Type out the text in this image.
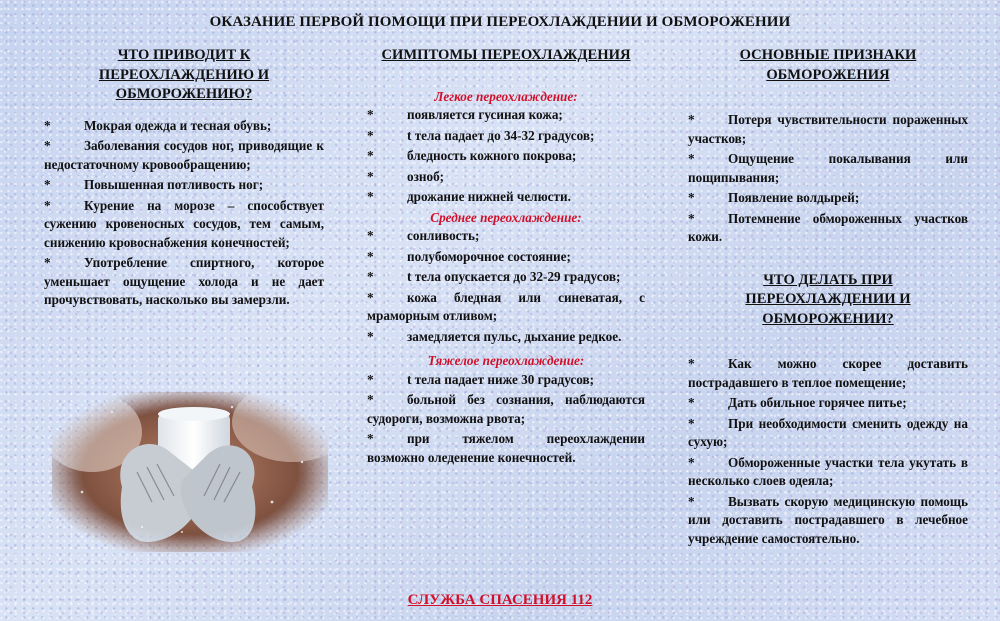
ОКАЗАНИЕ ПЕРВОЙ ПОМОЩИ ПРИ ПЕРЕОХЛАЖДЕНИИ И ОБМОРОЖЕНИИ
ЧТО ПРИВОДИТ К ПЕРЕОХЛАЖДЕНИЮ И ОБМОРОЖЕНИЮ?
*	Мокрая одежда и тесная обувь;
*	Заболевания сосудов ног, приводящие к недостаточному кровообращению;
*	Повышенная потливость ног;
*	Курение на морозе – способствует сужению кровеносных сосудов, тем самым, снижению кровоснабжения конечностей;
*	Употребление спиртного, которое уменьшает ощущение холода и не дает прочувствовать, насколько вы замерзли.
СИМПТОМЫ ПЕРЕОХЛАЖДЕНИЯ

Легкое переохлаждение:

*	появляется гусиная кожа;
*	t тела падает до 34-32 градусов;
*	бледность кожного покрова;
*	озноб;
*	дрожание нижней челюсти.

Среднее переохлаждение:

*	сонливость;
*	полубоморочное состояние;
*	t тела опускается до 32-29 градусов;
*	кожа бледная или синеватая, с мраморным отливом;
*	замедляется пульс, дыхание редкое.

Тяжелое переохлаждение:

*	t тела падает ниже 30 градусов;
*	больной без сознания, наблюдаются судороги, возможна рвота;
*	при тяжелом переохлаждении возможно оледенение конечностей.
ОСНОВНЫЕ ПРИЗНАКИ ОБМОРОЖЕНИЯ
*	Потеря чувствительности пораженных участков;
*	Ощущение покалывания или пощипывания;
*	Появление волдырей;
*	Потемнение обмороженных участков кожи.
ЧТО ДЕЛАТЬ ПРИ ПЕРЕОХЛАЖДЕНИИ И ОБМОРОЖЕНИИ?
*	Как можно скорее доставить пострадавшего в теплое помещение;
*	Дать обильное горячее питье;
*	При необходимости сменить одежду на сухую;
*	Обмороженные участки тела укутать в несколько слоев одеяла;
*	Вызвать скорую медицинскую помощь или доставить пострадавшего в лечебное учреждение самостоятельно.

СЛУЖБА СПАСЕНИЯ 112
